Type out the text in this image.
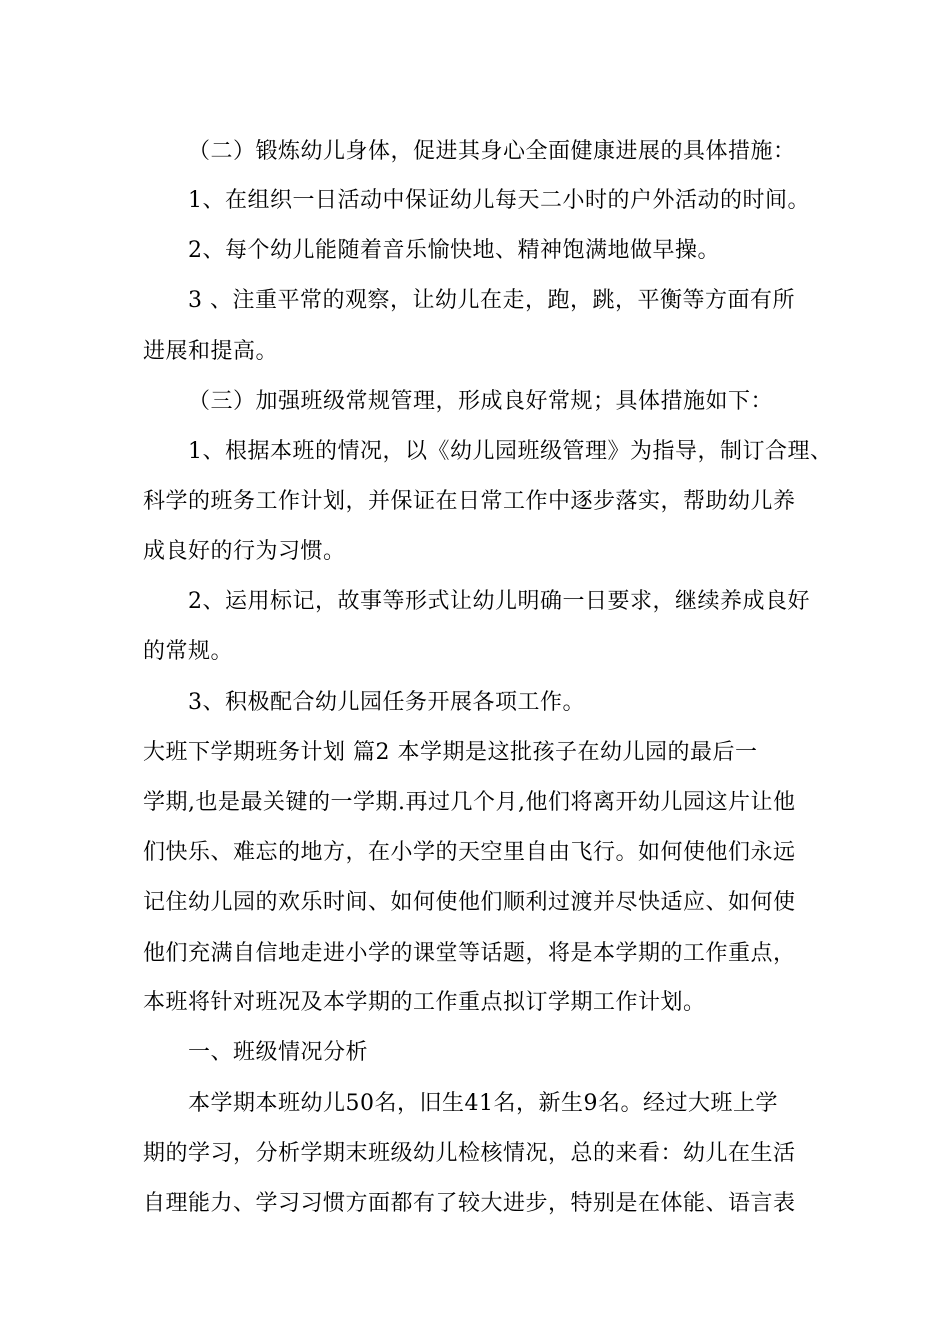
（二）锻炼幼儿身体，促进其身心全面健康进展的具体措施：
1、在组织一日活动中保证幼儿每天二小时的户外活动的时间。
2、每个幼儿能随着音乐愉快地、精神饱满地做早操。
3 、注重平常的观察，让幼儿在走，跑，跳，平衡等方面有所
进展和提高。
（三）加强班级常规管理，形成良好常规；具体措施如下：
1、根据本班的情况，以《幼儿园班级管理》为指导，制订合理、
科学的班务工作计划，并保证在日常工作中逐步落实，帮助幼儿养
成良好的行为习惯。
2、运用标记，故事等形式让幼儿明确一日要求，继续养成良好
的常规。
3、积极配合幼儿园任务开展各项工作。
大班下学期班务计划 篇2 本学期是这批孩子在幼儿园的最后一
学期,也是最关键的一学期.再过几个月,他们将离开幼儿园这片让他
们快乐、难忘的地方，在小学的天空里自由飞行。如何使他们永远
记住幼儿园的欢乐时间、如何使他们顺利过渡并尽快适应、如何使
他们充满自信地走进小学的课堂等话题，将是本学期的工作重点，
本班将针对班况及本学期的工作重点拟订学期工作计划。
一、班级情况分析
本学期本班幼儿50名，旧生41名，新生9名。经过大班上学
期的学习，分析学期末班级幼儿检核情况，总的来看：幼儿在生活
自理能力、学习习惯方面都有了较大进步，特别是在体能、语言表
